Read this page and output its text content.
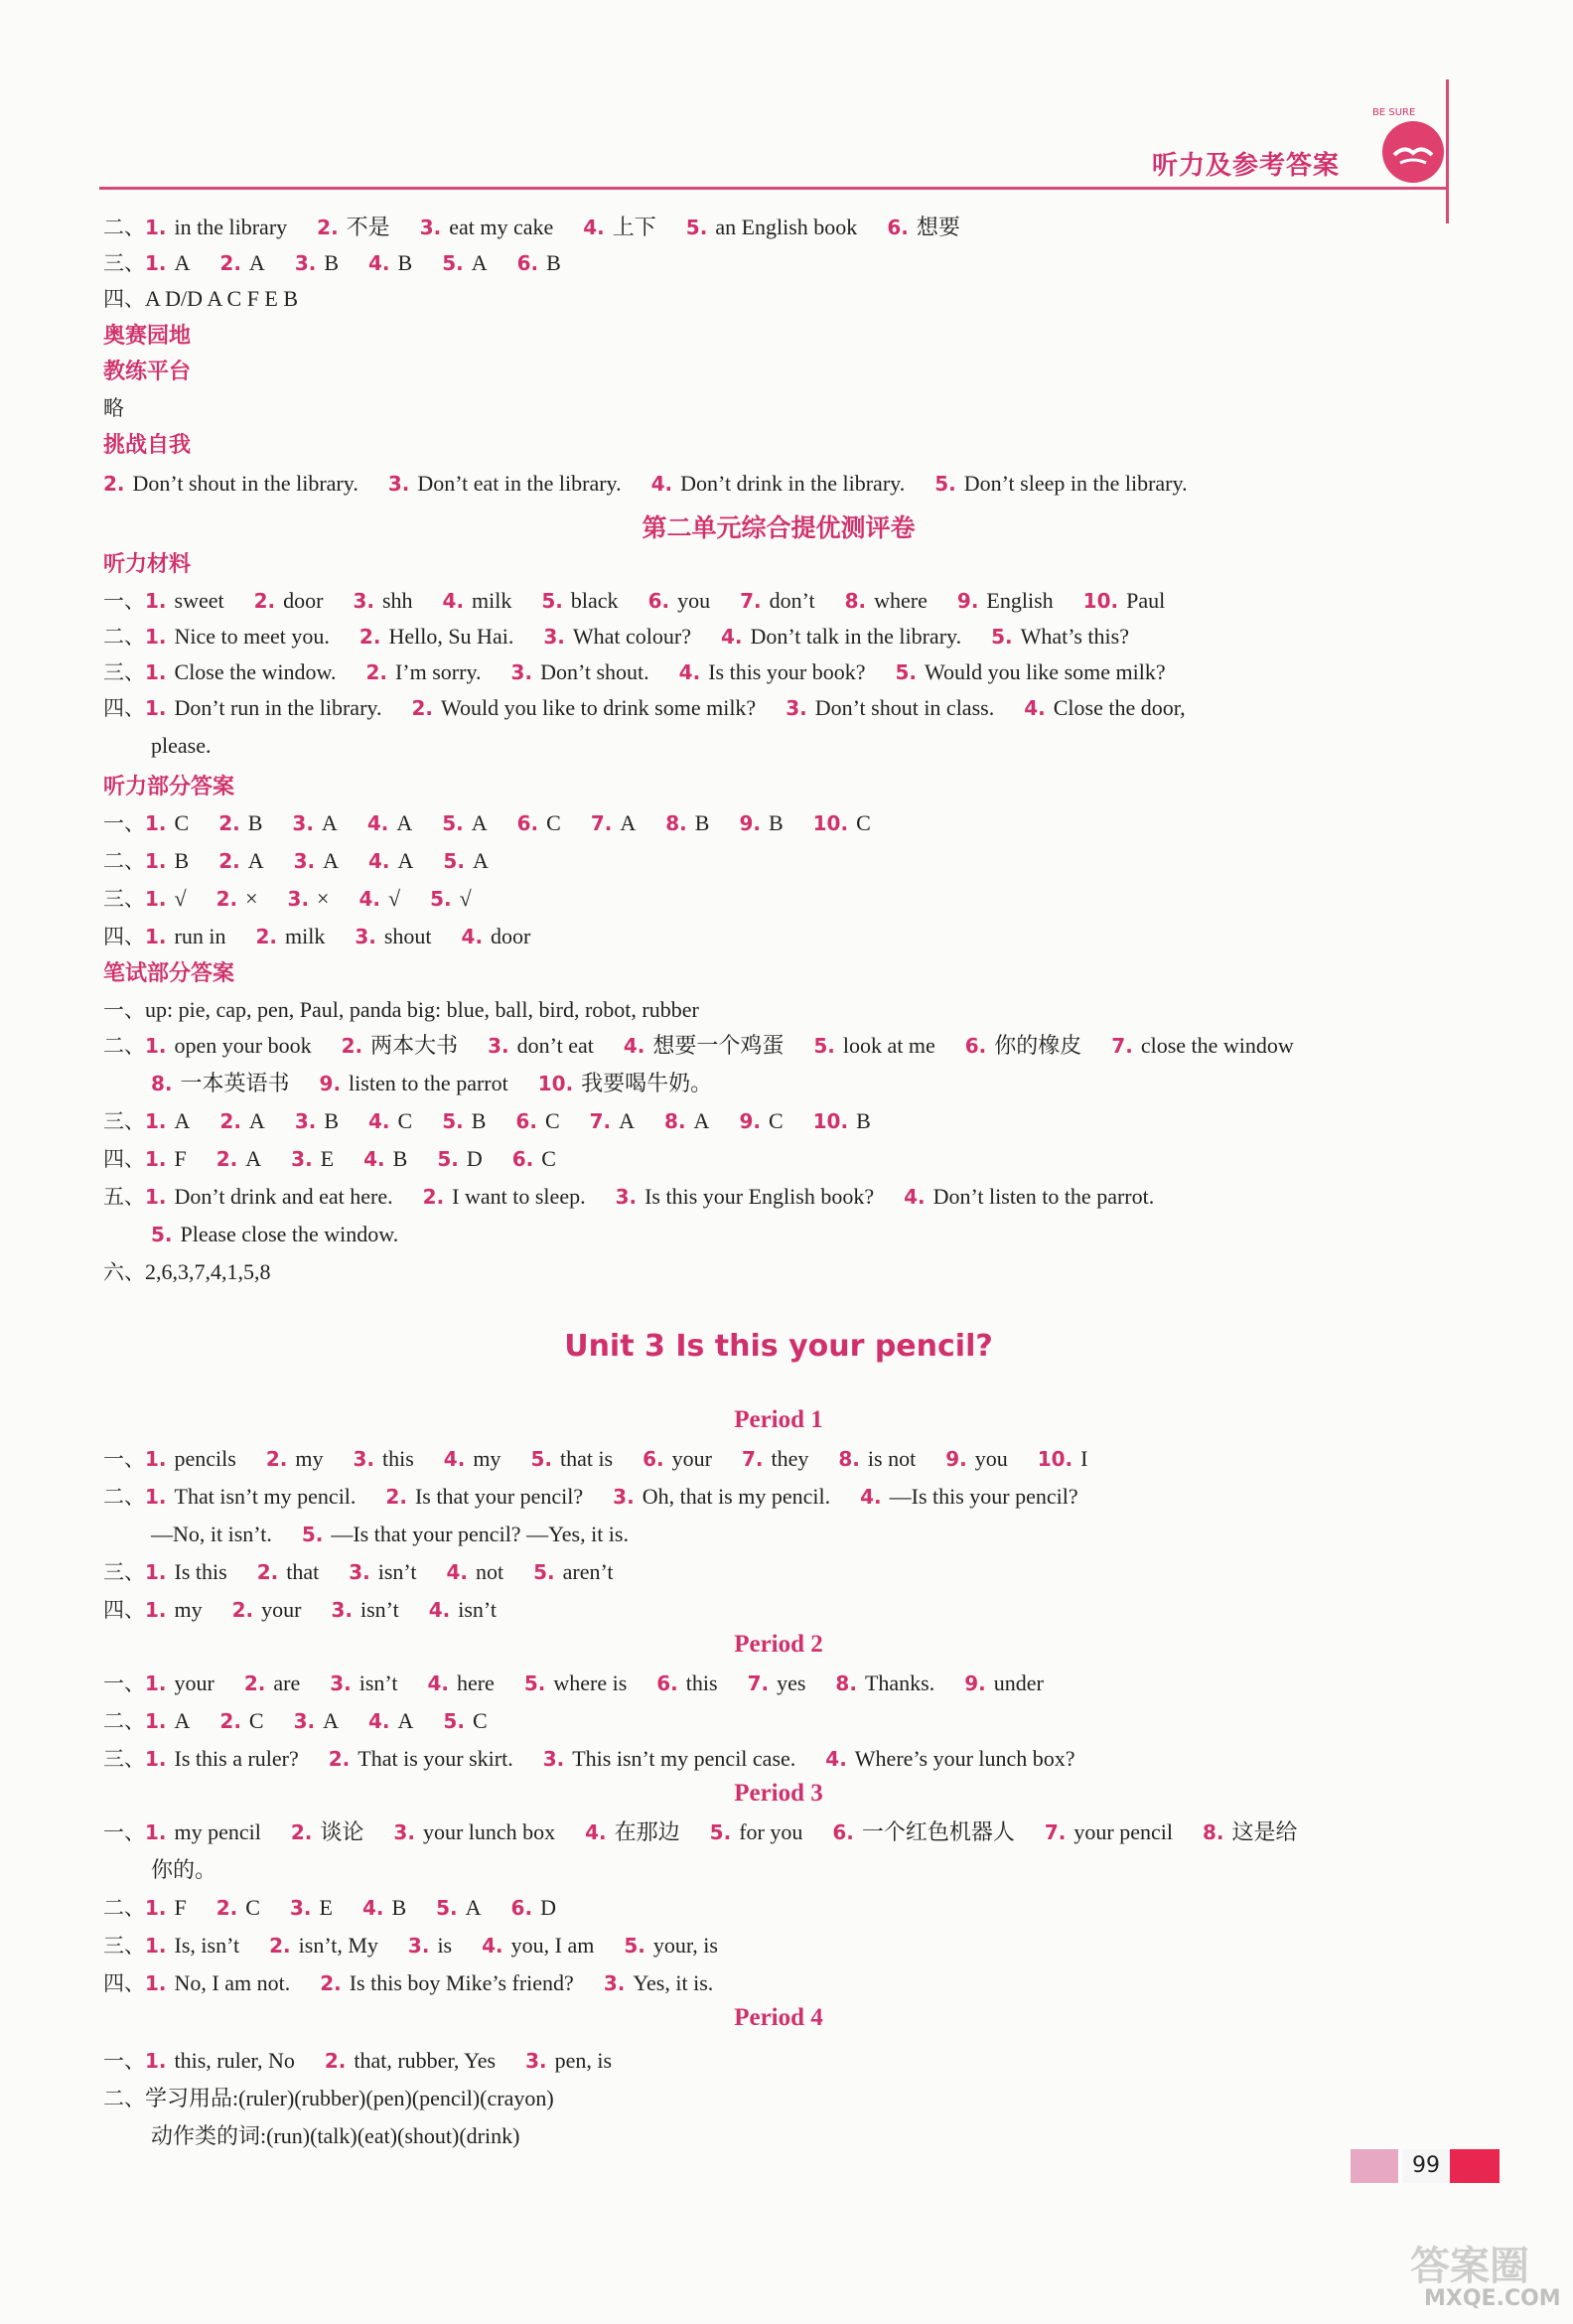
听力及参考答案
BE SURE
二、1. in the library 2. 不是 3. eat my cake 4. 上下 5. an English book 6. 想要
三、1. A 2. A 3. B 4. B 5. A 6. B
四、A D/D A C F E B
奥赛园地
教练平台
略
挑战自我
2. Don’t shout in the library. 3. Don’t eat in the library. 4. Don’t drink in the library. 5. Don’t sleep in the library.
第二单元综合提优测评卷
听力材料
一、1. sweet 2. door 3. shh 4. milk 5. black 6. you 7. don’t 8. where 9. English 10. Paul
二、1. Nice to meet you. 2. Hello, Su Hai. 3. What colour? 4. Don’t talk in the library. 5. What’s this?
三、1. Close the window. 2. I’m sorry. 3. Don’t shout. 4. Is this your book? 5. Would you like some milk?
四、1. Don’t run in the library. 2. Would you like to drink some milk? 3. Don’t shout in class. 4. Close the door,
please.
听力部分答案
一、1. C 2. B 3. A 4. A 5. A 6. C 7. A 8. B 9. B 10. C
二、1. B 2. A 3. A 4. A 5. A
三、1. √ 2. × 3. × 4. √ 5. √
四、1. run in 2. milk 3. shout 4. door
笔试部分答案
一、up: pie, cap, pen, Paul, panda big: blue, ball, bird, robot, rubber
二、1. open your book 2. 两本大书 3. don’t eat 4. 想要一个鸡蛋 5. look at me 6. 你的橡皮 7. close the window
8. 一本英语书 9. listen to the parrot 10. 我要喝牛奶。
三、1. A 2. A 3. B 4. C 5. B 6. C 7. A 8. A 9. C 10. B
四、1. F 2. A 3. E 4. B 5. D 6. C
五、1. Don’t drink and eat here. 2. I want to sleep. 3. Is this your English book? 4. Don’t listen to the parrot.
5. Please close the window.
六、2,6,3,7,4,1,5,8
Unit 3 Is this your pencil?
Period 1
一、1. pencils 2. my 3. this 4. my 5. that is 6. your 7. they 8. is not 9. you 10. I
二、1. That isn’t my pencil. 2. Is that your pencil? 3. Oh, that is my pencil. 4. —Is this your pencil?
—No, it isn’t. 5. —Is that your pencil? —Yes, it is.
三、1. Is this 2. that 3. isn’t 4. not 5. aren’t
四、1. my 2. your 3. isn’t 4. isn’t
Period 2
一、1. your 2. are 3. isn’t 4. here 5. where is 6. this 7. yes 8. Thanks. 9. under
二、1. A 2. C 3. A 4. A 5. C
三、1. Is this a ruler? 2. That is your skirt. 3. This isn’t my pencil case. 4. Where’s your lunch box?
Period 3
一、1. my pencil 2. 谈论 3. your lunch box 4. 在那边 5. for you 6. 一个红色机器人 7. your pencil 8. 这是给
你的。
二、1. F 2. C 3. E 4. B 5. A 6. D
三、1. Is, isn’t 2. isn’t, My 3. is 4. you, I am 5. your, is
四、1. No, I am not. 2. Is this boy Mike’s friend? 3. Yes, it is.
Period 4
一、1. this, ruler, No 2. that, rubber, Yes 3. pen, is
二、学习用品:(ruler)(rubber)(pen)(pencil)(crayon)
动作类的词:(run)(talk)(eat)(shout)(drink)
99
答案圈
MXQE.COM
